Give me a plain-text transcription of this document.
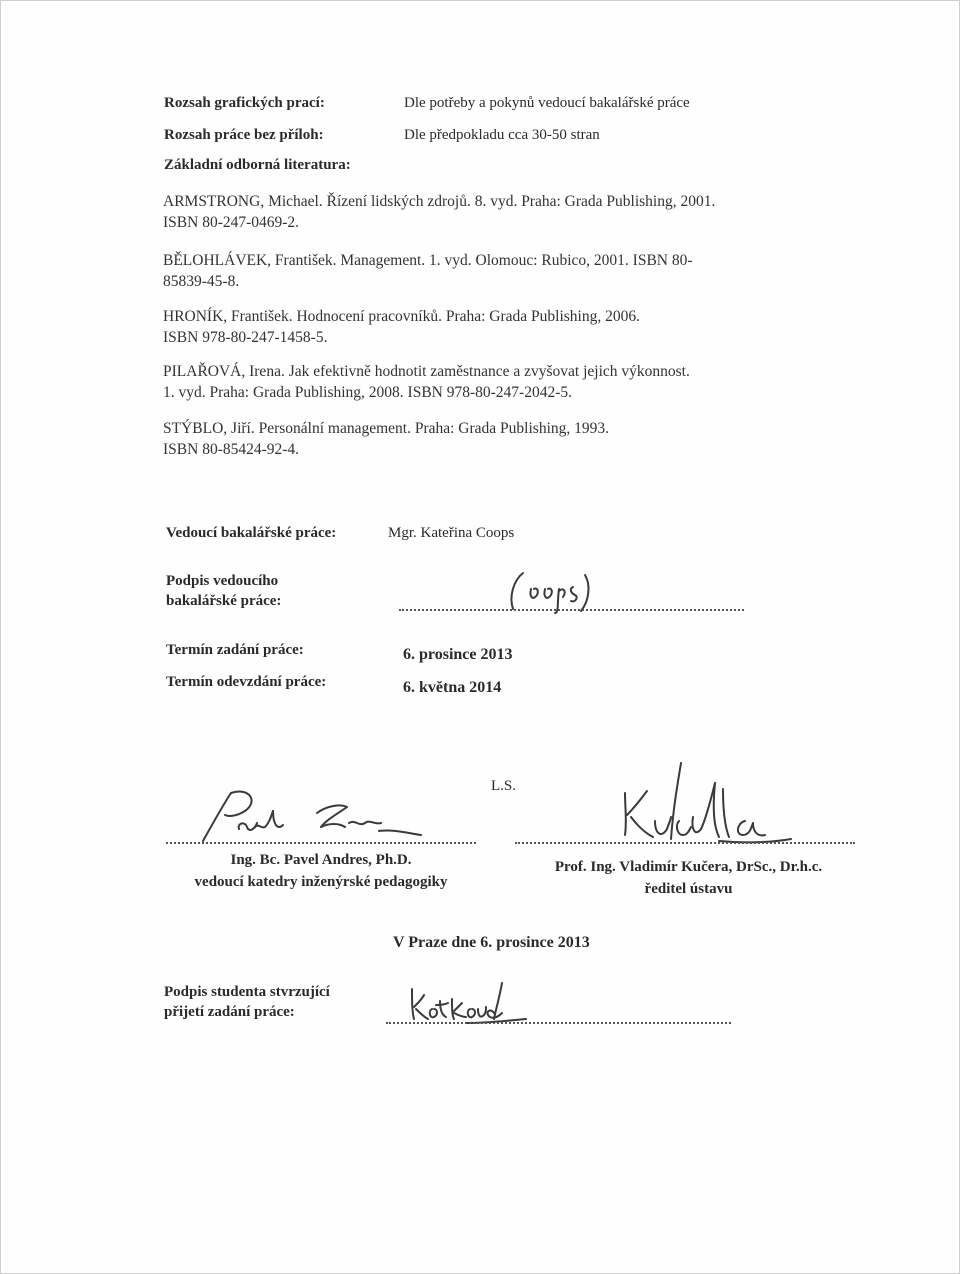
Rozsah grafických prací:	Dle potřeby a pokynů vedoucí bakalářské práce
Rozsah práce bez příloh:	Dle předpokladu cca 30-50 stran
Základní odborná literatura:
ARMSTRONG, Michael. Řízení lidských zdrojů. 8. vyd. Praha: Grada Publishing, 2001.
ISBN 80-247-0469-2.
BĚLOHLÁVEK, František. Management. 1. vyd. Olomouc: Rubico, 2001. ISBN 80-
85839-45-8.
HRONÍK, František. Hodnocení pracovníků. Praha: Grada Publishing, 2006.
ISBN 978-80-247-1458-5.
PILAŘOVÁ, Irena. Jak efektivně hodnotit zaměstnance a zvyšovat jejich výkonnost.
1. vyd. Praha: Grada Publishing, 2008. ISBN 978-80-247-2042-5.
STÝBLO, Jiří. Personální management. Praha: Grada Publishing, 1993.
ISBN 80-85424-92-4.
Vedoucí bakalářské práce:	Mgr. Kateřina Coops
Podpis vedoucího
bakalářské práce:
Termín zadání práce:	6. prosince 2013
Termín odevzdání práce:	6. května 2014
L.S.
Ing. Bc. Pavel Andres, Ph.D.
vedoucí katedry inženýrské pedagogiky
Prof. Ing. Vladimír Kučera, DrSc., Dr.h.c.
ředitel ústavu
V Praze dne 6. prosince 2013
Podpis studenta stvrzující
přijetí zadání práce:
